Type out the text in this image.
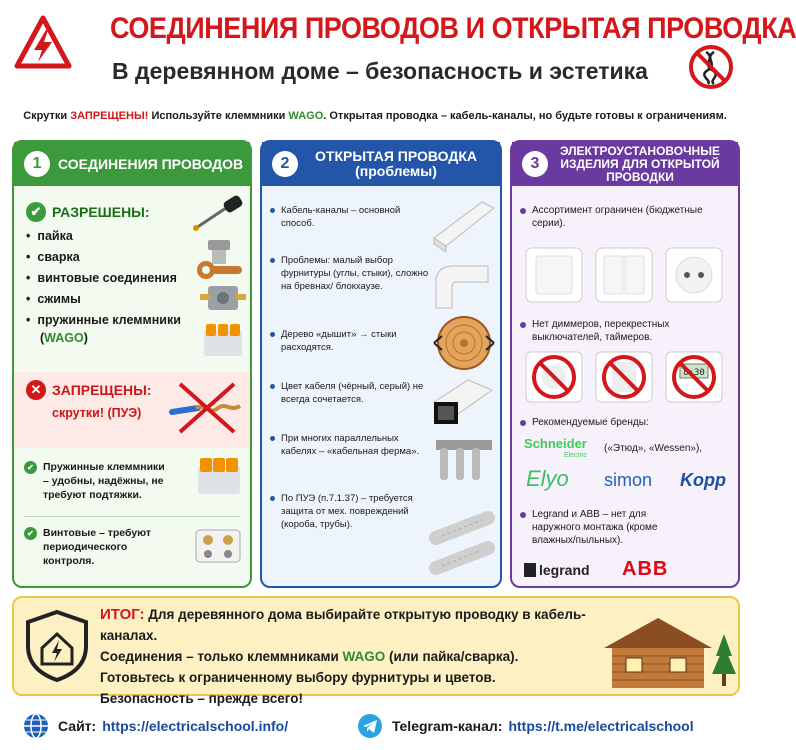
СОЕДИНЕНИЯ ПРОВОДОВ И ОТКРЫТАЯ ПРОВОДКА
В деревянном доме – безопасность и эстетика
Скрутки ЗАПРЕЩЕНЫ! Используйте клеммники WAGO. Открытая проводка – кабель-каналы, но будьте готовы к ограничениям.
1	СОЕДИНЕНИЯ ПРОВОДОВ
✔ РАЗРЕШЕНЫ:
• пайка
• сварка
• винтовые соединения
• сжимы
• пружинные клеммники
(WAGO)
✕ ЗАПРЕЩЕНЫ:
скрутки! (ПУЭ)
✔ Пружинные клеммники – удобны, надёжны, не требуют подтяжки.
✔ Винтовые – требуют периодического контроля.
2	ОТКРЫТАЯ ПРОВОДКА
(проблемы)
Кабель-каналы – основной способ.
Проблемы: малый выбор фурнитуры (углы, стыки), сложно на бревнах/ блокхаузе.
Дерево «дышит» → стыки расходятся.
Цвет кабеля (чёрный, серый) не всегда сочетается.
При многих параллельных кабелях – «кабельная ферма».
По ПУЭ (п.7.1.37) – требуется защита от мех. повреждений (короба, трубы).
3
ЭЛЕКТРОУСТАНОВОЧНЫЕ
ИЗДЕЛИЯ ДЛЯ ОТКРЫТОЙ
ПРОВОДКИ
Ассортимент ограничен (бюджетные серии).
Нет диммеров, перекрестных выключателей, таймеров.
8:30
Рекомендуемые бренды:
Schneider
Electric
(«Этюд», «Wessen»),
Elyo simon Kopp
Legrand и ABB – нет для наружного монтажа (кроме влажных/пыльных).
legrand ABB
ИТОГ: Для деревянного дома выбирайте открытую проводку в кабель-каналах.
Соединения – только клеммниками WAGO (или пайка/сварка).
Готовьтесь к ограниченному выбору фурнитуры и цветов.
Безопасность – прежде всего!
Сайт: https://electricalschool.info/	Telegram-канал: https://t.me/electricalschool
